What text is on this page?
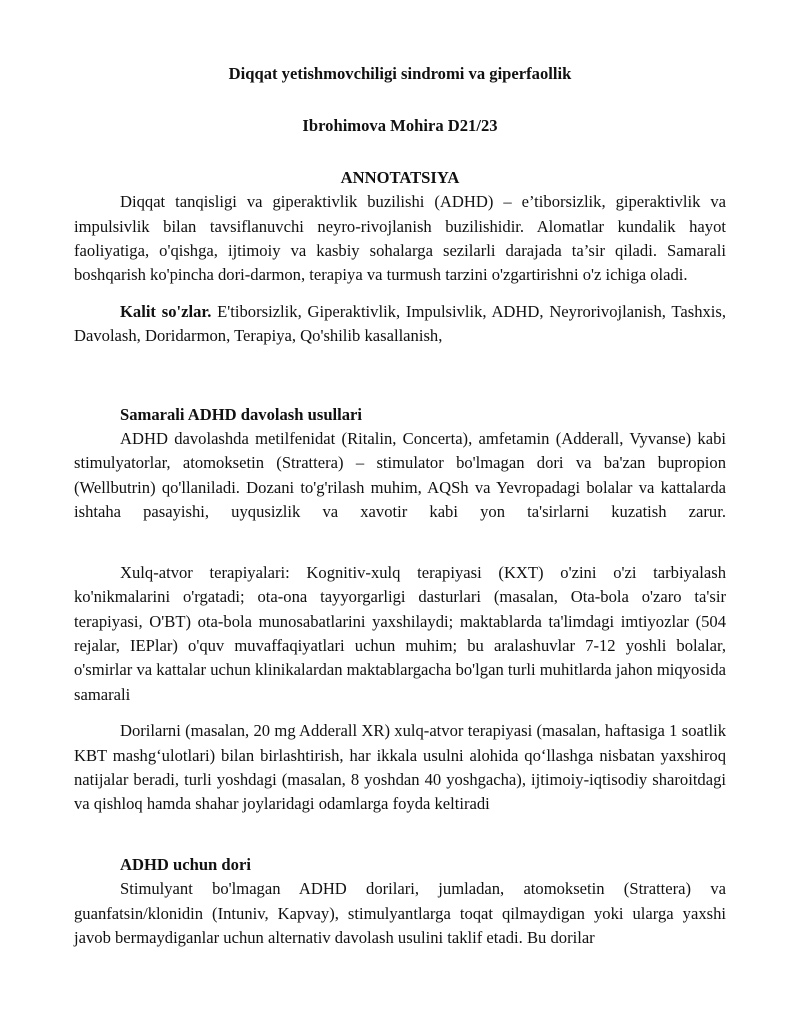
Diqqat yetishmovchiligi sindromi va giperfaollik
Ibrohimova Mohira D21/23
ANNOTATSIYA

Diqqat tanqisligi va giperaktivlik buzilishi (ADHD) – e’tiborsizlik, giperaktivlik va impulsivlik bilan tavsiflanuvchi neyro-rivojlanish buzilishidir. Alomatlar kundalik hayot faoliyatiga, o'qishga, ijtimoiy va kasbiy sohalarga sezilarli darajada ta’sir qiladi. Samarali boshqarish ko'pincha dori-darmon, terapiya va turmush tarzini o'zgartirishni o'z ichiga oladi.

Kalit so'zlar. E'tiborsizlik, Giperaktivlik, Impulsivlik, ADHD, Neyrorivojlanish, Tashxis, Davolash, Doridarmon, Terapiya, Qo'shilib kasallanish,

Samarali ADHD davolash usullari

ADHD davolashda metilfenidat (Ritalin, Concerta), amfetamin (Adderall, Vyvanse) kabi stimulyatorlar, atomoksetin (Strattera) – stimulator bo'lmagan dori va ba'zan bupropion (Wellbutrin) qo'llaniladi. Dozani to'g'rilash muhim, AQSh va Yevropadagi bolalar va kattalarda ishtaha pasayishi, uyqusizlik va xavotir kabi yon ta'sirlarni kuzatish zarur.

Xulq-atvor terapiyalari: Kognitiv-xulq terapiyasi (KXT) o'zini o'zi tarbiyalash ko'nikmalarini o'rgatadi; ota-ona tayyorgarligi dasturlari (masalan, Ota-bola o'zaro ta'sir terapiyasi, O'BT) ota-bola munosabatlarini yaxshilaydi; maktablarda ta'limdagi imtiyozlar (504 rejalar, IEPlar) o'quv muvaffaqiyatlari uchun muhim; bu aralashuvlar 7-12 yoshli bolalar, o'smirlar va kattalar uchun klinikalardan maktablargacha bo'lgan turli muhitlarda jahon miqyosida samarali

Dorilarni (masalan, 20 mg Adderall XR) xulq-atvor terapiyasi (masalan, haftasiga 1 soatlik KBT mashg‘ulotlari) bilan birlashtirish, har ikkala usulni alohida qo‘llashga nisbatan yaxshiroq natijalar beradi, turli yoshdagi (masalan, 8 yoshdan 40 yoshgacha), ijtimoiy-iqtisodiy sharoitdagi va qishloq hamda shahar joylaridagi odamlarga foyda keltiradi

ADHD uchun dori

Stimulyant bo'lmagan ADHD dorilari, jumladan, atomoksetin (Strattera) va guanfatsin/klonidin (Intuniv, Kapvay), stimulyantlarga toqat qilmaydigan yoki ularga yaxshi javob bermaydiganlar uchun alternativ davolash usulini taklif etadi. Bu dorilar
